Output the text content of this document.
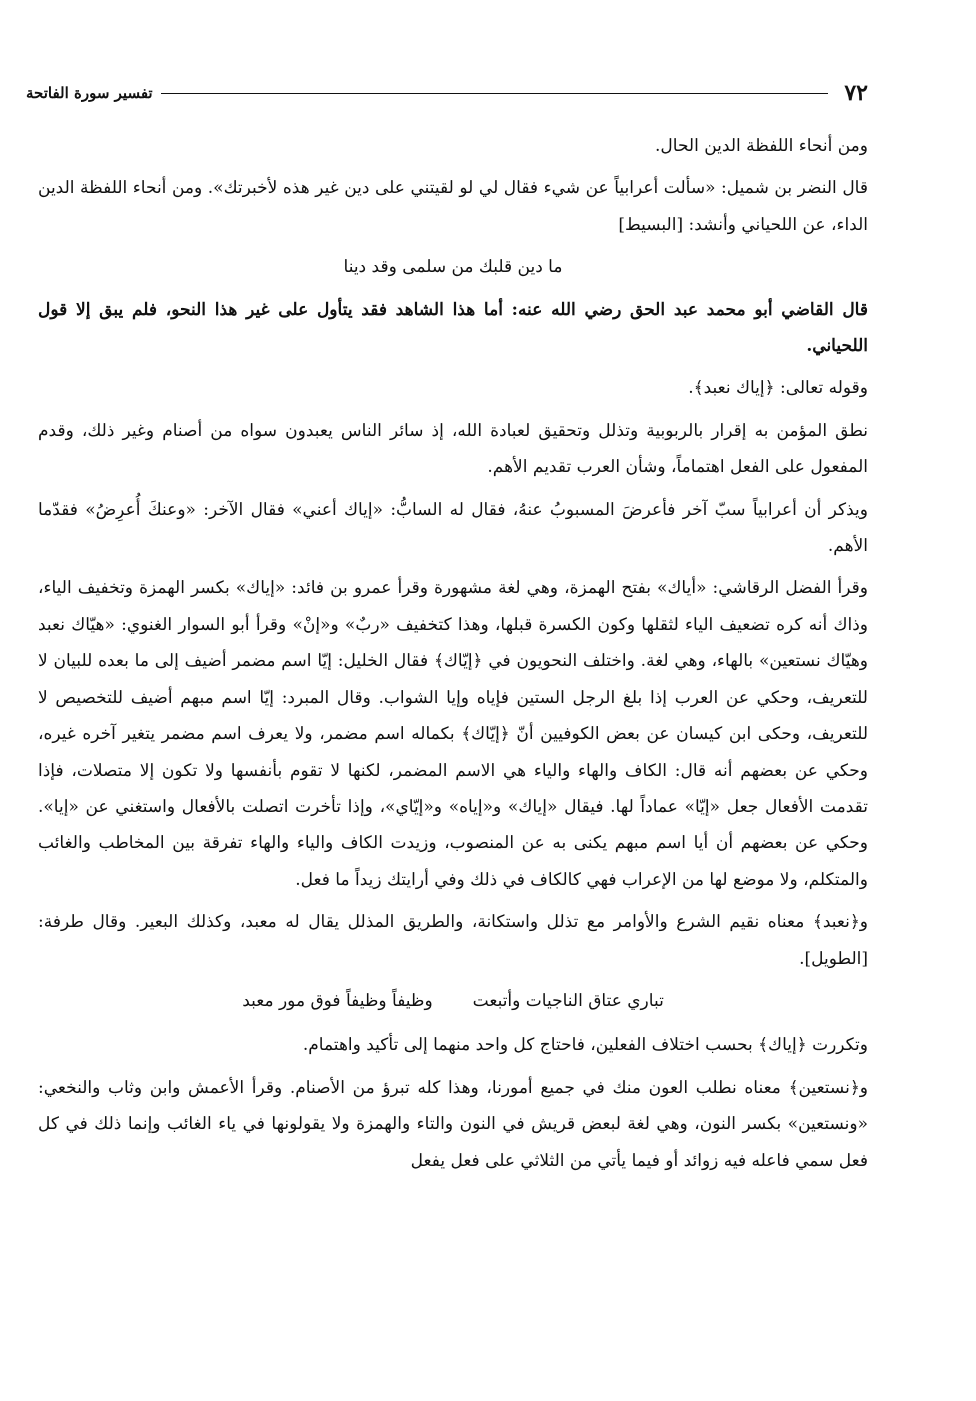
٧٢
تفسير سورة الفاتحة

ومن أنحاء اللفظة الدين الحال.

قال النضر بن شميل: «سألت أعرابياً عن شيء فقال لي لو لقيتني على دين غير هذه لأخبرتك». ومن أنحاء اللفظة الدين الداء، عن اللحياني وأنشد: [البسيط]

ما دين قلبك من سلمى وقد دينا

قال القاضي أبو محمد عبد الحق رضي الله عنه: أما هذا الشاهد فقد يتأول على غير هذا النحو، فلم يبق إلا قول اللحياني.

وقوله تعالى: ﴿إياك نعبد﴾.

نطق المؤمن به إقرار بالربوبية وتذلل وتحقيق لعبادة الله، إذ سائر الناس يعبدون سواه من أصنام وغير ذلك، وقدم المفعول على الفعل اهتماماً، وشأن العرب تقديم الأهم.

ويذكر أن أعرابياً سبّ آخر فأعرضَ المسبوبُ عنهُ، فقال له السابُّ: «إياك أعني» فقال الآخر: «وعنكَ أُعرِضُ» فقدّما الأهم.

وقرأ الفضل الرقاشي: «أياك» بفتح الهمزة، وهي لغة مشهورة وقرأ عمرو بن فائد: «إياك» بكسر الهمزة وتخفيف الياء، وذاك أنه كره تضعيف الياء لثقلها وكون الكسرة قبلها، وهذا كتخفيف «ربٌ» و«إنْ» وقرأ أبو السوار الغنوي: «هيّاك نعبد وهيّاك نستعين» بالهاء، وهي لغة. واختلف النحويون في ﴿إيّاك﴾ فقال الخليل: إيّا اسم مضمر أضيف إلى ما بعده للبيان لا للتعريف، وحكي عن العرب إذا بلغ الرجل الستين فإياه وإيا الشواب. وقال المبرد: إيّا اسم مبهم أضيف للتخصيص لا للتعريف، وحكى ابن كيسان عن بعض الكوفيين أنّ ﴿إيّاك﴾ بكماله اسم مضمر، ولا يعرف اسم مضمر يتغير آخره غيره، وحكي عن بعضهم أنه قال: الكاف والهاء والياء هي الاسم المضمر، لكنها لا تقوم بأنفسها ولا تكون إلا متصلات، فإذا تقدمت الأفعال جعل «إيّا» عماداً لها. فيقال «إياك» و«إياه» و«إيّاي»، وإذا تأخرت اتصلت بالأفعال واستغني عن «إيا». وحكي عن بعضهم أن أيا اسم مبهم يكنى به عن المنصوب، وزيدت الكاف والياء والهاء تفرقة بين المخاطب والغائب والمتكلم، ولا موضع لها من الإعراب فهي كالكاف في ذلك وفي أرايتك زيداً ما فعل.

و﴿نعبد﴾ معناه نقيم الشرع والأوامر مع تذلل واستكانة، والطريق المذلل يقال له معبد، وكذلك البعير. وقال طرفة: [الطويل].

تباري عتاق الناجيات وأتبعت
وظيفاً وظيفاً فوق مور معبد

وتكررت ﴿إياك﴾ بحسب اختلاف الفعلين، فاحتاج كل واحد منهما إلى تأكيد واهتمام.

و﴿نستعين﴾ معناه نطلب العون منك في جميع أمورنا، وهذا كله تبرؤ من الأصنام. وقرأ الأعمش وابن وثاب والنخعي: «ونستعين» بكسر النون، وهي لغة لبعض قريش في النون والتاء والهمزة ولا يقولونها في ياء الغائب وإنما ذلك في كل فعل سمي فاعله فيه زوائد أو فيما يأتي من الثلاثي على فعل يفعل
